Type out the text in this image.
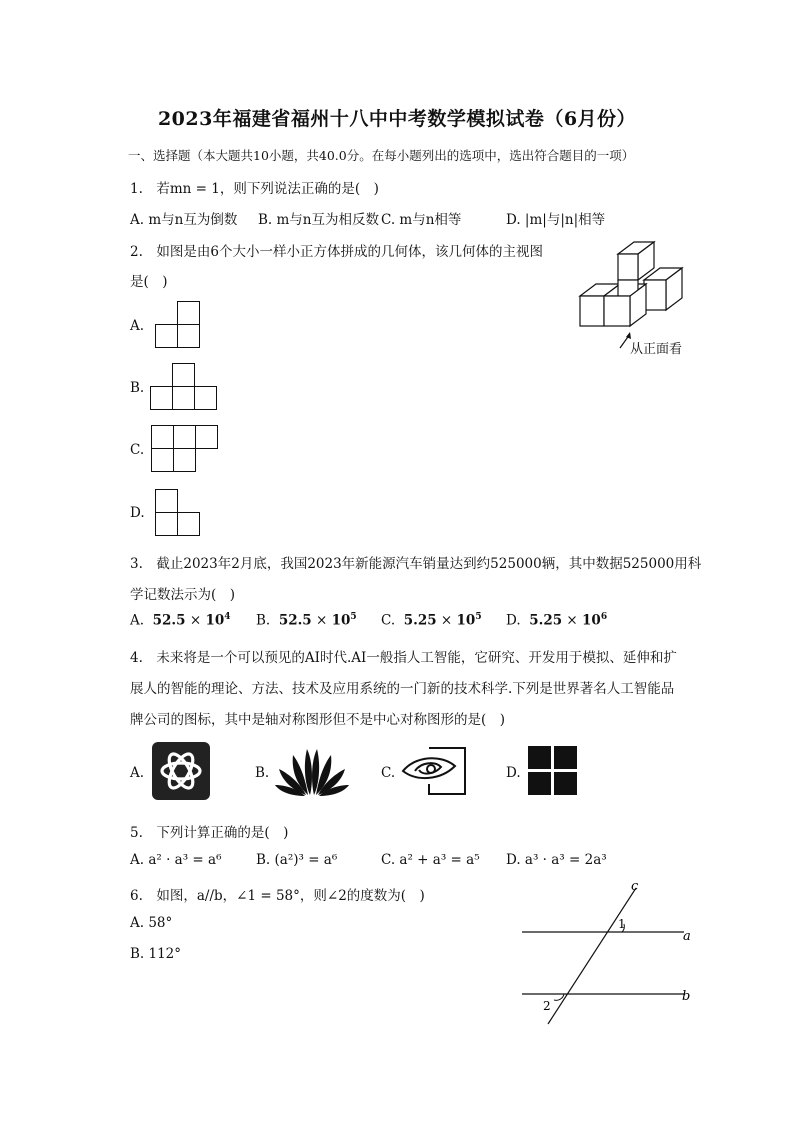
2023年福建省福州十八中中考数学模拟试卷（6月份）
一、选择题（本大题共10小题，共40.0分。在每小题列出的选项中，选出符合题目的一项）
1.　若mn = 1，则下列说法正确的是(　)
A. m与n互为倒数 B. m与n互为相反数 C. m与n相等	D. |m|与|n|相等
2.　如图是由6个大小一样小正方体拼成的几何体，该几何体的主视图
是(　)
从正面看
A.
B.
C.
D.
3.　截止2023年2月底，我国2023年新能源汽车销量达到约525000辆，其中数据525000用科
学记数法示为(　)
A. $52.5 \times 10^4$ B. $52.5 \times 10^5$ C. $5.25 \times 10^5$ D. $5.25 \times 10^6$
4.　未来将是一个可以预见的AI时代.AI一般指人工智能，它研究、开发用于模拟、延伸和扩
展人的智能的理论、方法、技术及应用系统的一门新的技术科学.下列是世界著名人工智能品
牌公司的图标，其中是轴对称图形但不是中心对称图形的是(　)
A.	B.	C.	D.
5.　下列计算正确的是(　)
A. a² · a³ = a⁶	B. (a²)³ = a⁶	C. a² + a³ = a⁵ D. a³ · a³ = 2a³
6.　如图，a//b，∠1 = 58°，则∠2的度数为(　)
A. 58°
B. 112°
c
a
b
1
2
